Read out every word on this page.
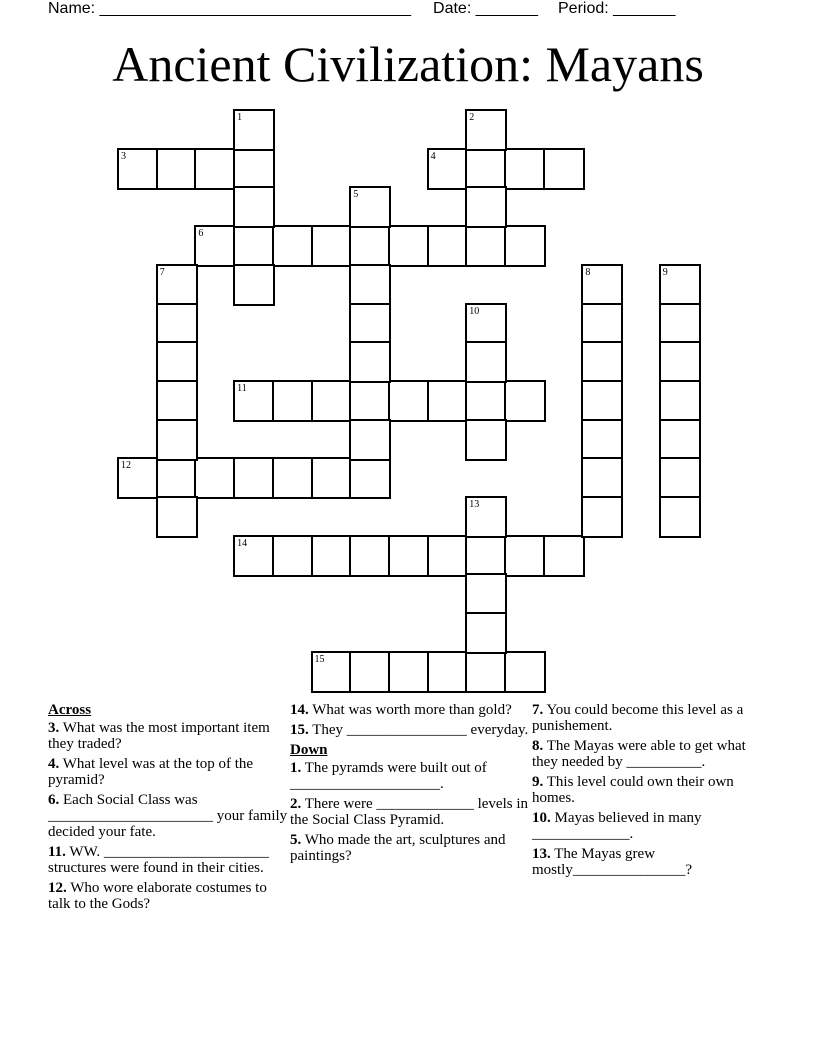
Name: ___________________________________ Date: _______ Period: _______
Ancient Civilization: Mayans
1	2
3	4
5
6
7	8	9
10
11
12
13
14
15
Across

3. What was the most important item they traded?

4. What level was at the top of the pyramid?

6. Each Social Class was ______________________ your family decided your fate.

11. WW. ______________________ structures were found in their cities.

12. Who wore elaborate costumes to talk to the Gods?

14. What was worth more than gold?

15. They ________________ everyday.

Down

1. The pyramds were built out of ____________________.

2. There were _____________ levels in the Social Class Pyramid.

5. Who made the art, sculptures and paintings?

7. You could become this level as a punishement.

8. The Mayas were able to get what they needed by __________.

9. This level could own their own homes.

10. Mayas believed in many _____________.

13. The Mayas grew mostly_______________?
